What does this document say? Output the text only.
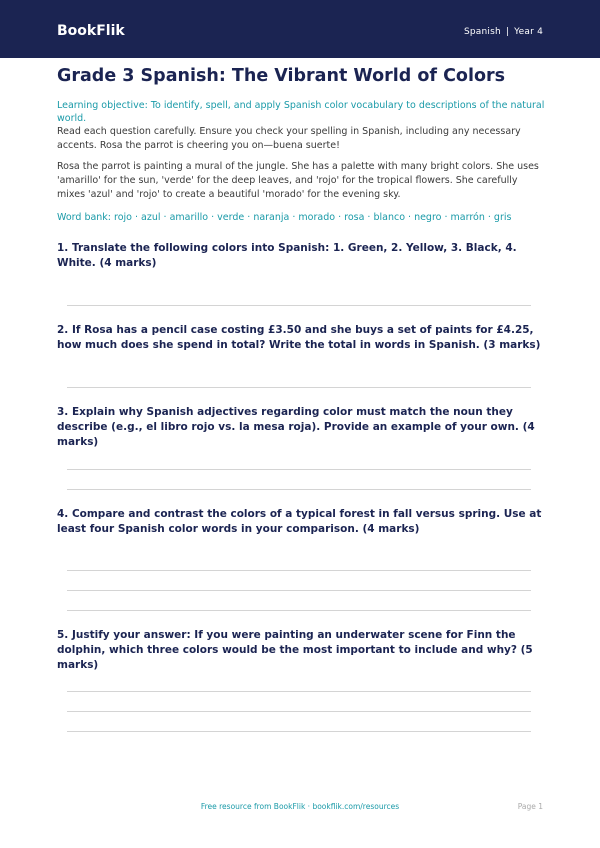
BookFlik	Spanish | Year 4
Grade 3 Spanish: The Vibrant World of Colors
Learning objective: To identify, spell, and apply Spanish color vocabulary to descriptions of the natural world.
Read each question carefully. Ensure you check your spelling in Spanish, including any necessary accents. Rosa the parrot is cheering you on—buena suerte!
Rosa the parrot is painting a mural of the jungle. She has a palette with many bright colors. She uses 'amarillo' for the sun, 'verde' for the deep leaves, and 'rojo' for the tropical flowers. She carefully mixes 'azul' and 'rojo' to create a beautiful 'morado' for the evening sky.
Word bank: rojo · azul · amarillo · verde · naranja · morado · rosa · blanco · negro · marrón · gris
1. Translate the following colors into Spanish: 1. Green, 2. Yellow, 3. Black, 4. White. (4 marks)
2. If Rosa has a pencil case costing £3.50 and she buys a set of paints for £4.25, how much does she spend in total? Write the total in words in Spanish. (3 marks)
3. Explain why Spanish adjectives regarding color must match the noun they describe (e.g., el libro rojo vs. la mesa roja). Provide an example of your own. (4 marks)
4. Compare and contrast the colors of a typical forest in fall versus spring. Use at least four Spanish color words in your comparison. (4 marks)
5. Justify your answer: If you were painting an underwater scene for Finn the dolphin, which three colors would be the most important to include and why? (5 marks)
Free resource from BookFlik · bookflik.com/resources	Page 1
